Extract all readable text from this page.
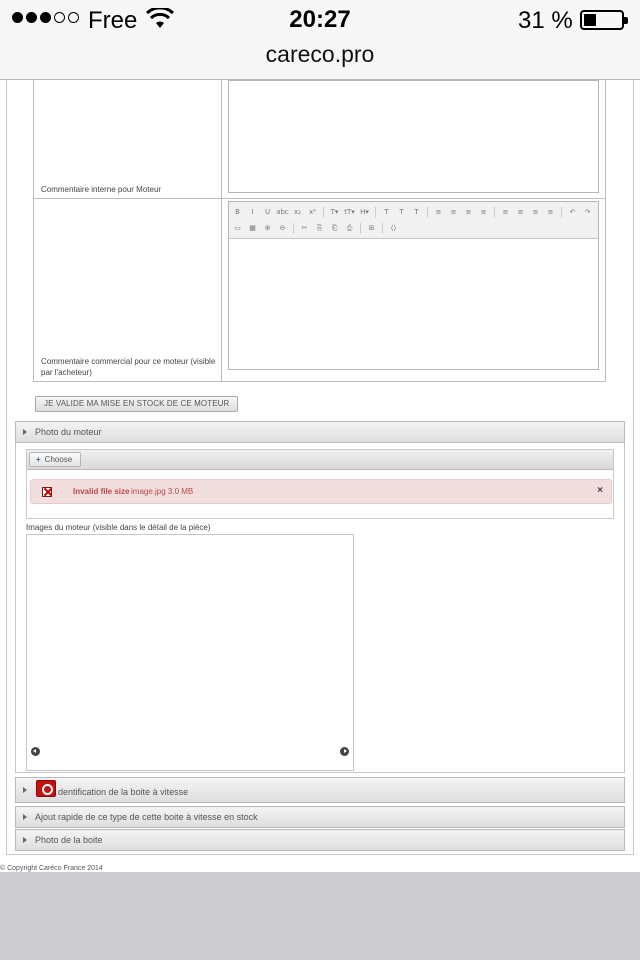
Free	20:27	31 %
careco.pro
Commentaire interne pour Moteur
Commentaire commercial pour ce moteur (visible par l'acheteur)
B	I	U abc x₂	x²	T▾ tT▾ H▾	T	T	T	≡	≡	≡	≡	≡	≡	≡	≡	↶	↷
▭	▦	⊕	⊖	✂	⎘	⎗	⎙	⊞	⟨⟩
JE VALIDE MA MISE EN STOCK DE CE MOTEUR
Photo du moteur
+ Choose
Invalid file size image.jpg 3.0 MB	×
Images du moteur (visible dans le détail de la pièce)
dentification de la boite à vitesse
Ajout rapide de ce type de cette boite à vitesse en stock
Photo de la boite
© Copyright Caréco France 2014
